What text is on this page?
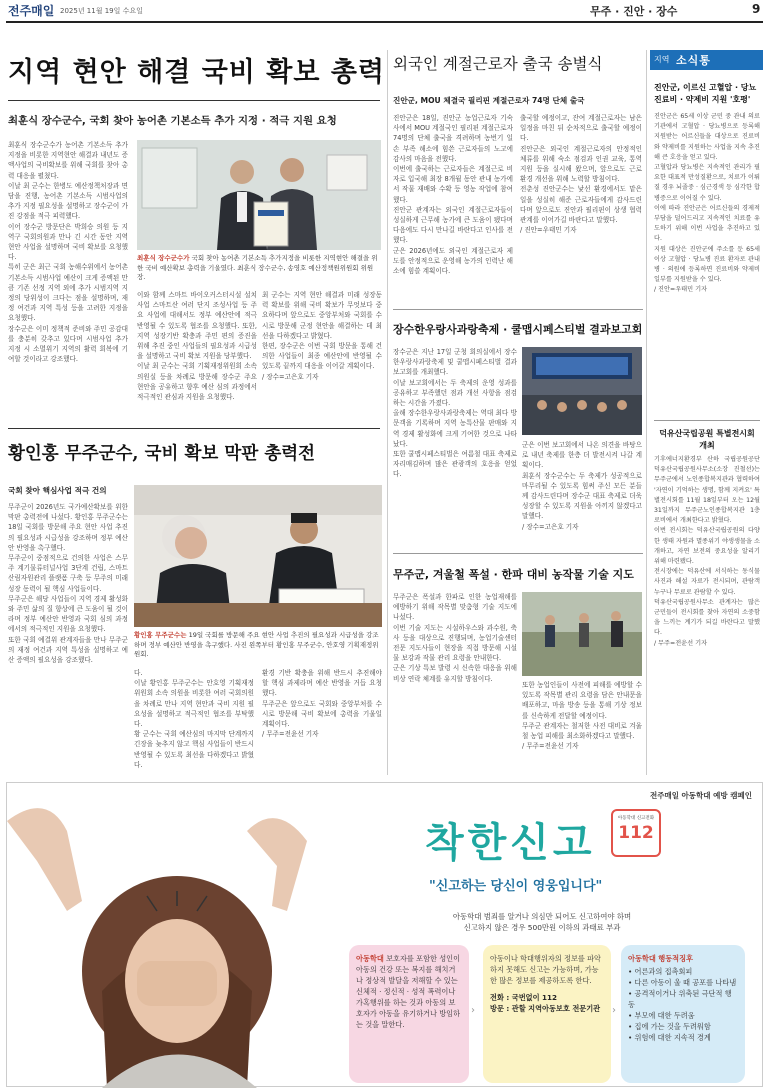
전주매일 2025년 11월 19일 수요일	무주 · 진안 · 장수	9
지역 현안 해결 국비 확보 총력
최훈식 장수군수, 국회 찾아 농어촌 기본소득 추가 지정 · 적극 지원 요청
최훈식 장수군수가 농어촌 기본소득 추가지정을 비롯한 지역현안 해결과 내년도 증액사업의 국비확보를 위해 국회를 찾아 총력 대응을 펼쳤다.
이날 최 군수는 한병도 예산정책처장과 면담을 진행, 농어촌 기본소득 시범사업의 추가 지정 필요성을 설명하고 장수군이 가진 강점을 적극 피력했다.
이어 장수군 방문단은 박희승 의원 등 지역구 국회의원과 만나 긴 시간 동안 지역현안 사업을 설명하며 국비 확보를 요청했다.
특히 군은 최근 국회 농해수위에서 농어촌 기본소득 시범사업 예산이 크게 증액된 만큼 기존 선정 지역 외에 추가 시범지역 지정의 당위성이 크다는 점을 설명하며, 재정 여건과 지역 특성 등을 고려한 지정을 요청했다.
장수군은 이미 정책적 준비와 주민 공감대를 충분히 갖추고 있다며 시범사업 추가 지정 시 소멸위기 지역의 활력 회복에 기여할 것이라고 강조했다.
최훈식 장수군수가 국회 찾아 농어촌 기본소득 추가지정을 비롯한 지역현안 해결을 위한 국비 예산확보 총력을 기울였다. 최훈식 장수군수, 송영호 예산정책원위원회 위원장.
이와 함께 스마트 바이오커스터시설 설치사업 스마트산 여러 단지 조성사업 등 주요 사업에 대해서도 정부 예산안에 적극 반영될 수 있도록 협조를 요청했다. 또한, 지역 성장기반 확충과 주민 편의 증진을 위해 추진 중인 사업들의 필요성과 시급성을 설명하고 국비 확보 지원을 당부했다.
이날 최 군수는 국회 기획재정위원회 소속 의원실 등을 차례로 방문해 장수군 주요 현안을 공유하고 향후 예산 심의 과정에서 적극적인 관심과 지원을 요청했다.
최 군수는 지역 현안 해결과 미래 성장동력 확보를 위해 국비 확보가 무엇보다 중요하다며 앞으로도 중앙부처와 국회를 수시로 방문해 군정 현안을 해결하는 데 최선을 다하겠다고 밝혔다.
한편, 장수군은 이번 국회 방문을 통해 건의한 사업들이 최종 예산안에 반영될 수 있도록 끝까지 대응을 이어갈 계획이다.
/ 장수=고은호 기자
황인홍 무주군수, 국비 확보 막판 총력전
국회 찾아 핵심사업 적극 건의
무주군이 2026년도 국가예산확보를 위한 막판 총력전에 나섰다. 황인홍 무주군수는 18일 국회를 방문해 주요 현안 사업 추진의 필요성과 시급성을 강조하며 정부 예산안 반영을 촉구했다.
무주군이 중점적으로 건의한 사업은 스무주 계기물류터널사업 3단계 건립, 스마트산림자원관리 플랫폼 구축 등 무주의 미래 성장 동력이 될 핵심 사업들이다.
무주군은 해당 사업들이 지역 경제 활성화와 주민 삶의 질 향상에 큰 도움이 될 것이라며 정부 예산안 반영과 국회 심의 과정에서의 적극적인 지원을 요청했다.
또한 국회 예결위 관계자들을 만나 무주군의 재정 여건과 지역 특성을 설명하고 예산 증액의 필요성을 강조했다.
황인홍 무주군수는 19일 국회를 방문해 주요 현안 사업 추진의 필요성과 시급성을 강조하며 정부 예산안 반영을 촉구했다. 사진 왼쪽부터 황인홍 무주군수, 안호영 기획재정위원회.
다.
이날 황인홍 무주군수는 안호영 기획재정위원회 소속 의원을 비롯한 여러 국회의원을 차례로 만나 지역 현안과 국비 지원 필요성을 설명하고 적극적인 협조를 부탁했다.
황 군수는 국회 예산심의 마지막 단계까지 긴장을 늦추지 않고 핵심 사업들이 반드시 반영될 수 있도록 최선을 다하겠다고 밝혔다.
환경 기반 확충을 위해 반드시 추진해야 할 핵심 과제라며 예산 반영을 거듭 요청했다.
무주군은 앞으로도 국회와 중앙부처를 수시로 방문해 국비 확보에 총력을 기울일 계획이다.
/ 무주=전윤선 기자
외국인 계절근로자 출국 송별식
진안군, MOU 체결국 필리핀 계절근로자 74명 단체 출국
진안군은 18일, 진안군 농업근로자 기숙사에서 MOU 계절국인 필리핀 계절근로자 74명의 단체 출국을 격려하며 농번기 일손 부족 해소에 힘쓴 근로자들의 노고에 감사의 마음을 전했다.
이번에 출국하는 근로자들은 계절근로 비자로 입국해 최장 8개월 동안 관내 농가에서 작물 재배와 수확 등 영농 작업에 참여했다.
진안군 관계자는 외국인 계절근로자들이 성실하게 근무해 농가에 큰 도움이 됐다며 다음에도 다시 만나길 바란다고 인사를 전했다.
군은 2026년에도 외국인 계절근로자 제도를 안정적으로 운영해 농가의 인력난 해소에 힘쓸 계획이다.
출국할 예정이고, 잔여 계절근로자는 남은 일정을 마친 뒤 순차적으로 출국할 예정이다.
진안군은 외국인 계절근로자의 안정적인 체류를 위해 숙소 점검과 인권 교육, 통역 지원 등을 실시해 왔으며, 앞으로도 근로 환경 개선을 위해 노력할 방침이다.
전춘성 진안군수는 낯선 환경에서도 맡은 일을 성실히 해준 근로자들에게 감사드린다며 앞으로도 진안과 필리핀이 상생 협력 관계를 이어가길 바란다고 말했다.
/ 진안=우태민 기자
장수한우랑사과랑축제 · 쿨맵시페스티벌 결과보고회
장수군은 지난 17일 군청 회의실에서 장수한우랑사과랑축제 및 쿨맵시페스티벌 결과보고회를 개최했다.
이날 보고회에서는 두 축제의 운영 성과를 공유하고 부족했던 점과 개선 사항을 점검하는 시간을 가졌다.
올해 장수한우랑사과랑축제는 역대 최다 방문객을 기록하며 지역 농특산물 판매와 지역 경제 활성화에 크게 기여한 것으로 나타났다.
또한 쿨맵시페스티벌은 여름철 대표 축제로 자리매김하며 많은 관광객의 호응을 얻었다.
군은 이번 보고회에서 나온 의견을 바탕으로 내년 축제를 한층 더 발전시켜 나갈 계획이다.
최훈식 장수군수는 두 축제가 성공적으로 마무리될 수 있도록 힘써 주신 모든 분들께 감사드린다며 장수군 대표 축제로 더욱 성장할 수 있도록 지원을 아끼지 않겠다고 말했다.
/ 장수=고은호 기자
무주군, 겨울철 폭설 · 한파 대비 농작물 기술 지도
무주군은 폭설과 한파로 인한 농업재해를 예방하기 위해 작목별 맞춤형 기술 지도에 나섰다.
이번 기술 지도는 시설하우스와 과수원, 축사 등을 대상으로 진행되며, 농업기술센터 전문 지도사들이 현장을 직접 방문해 시설물 보강과 작물 관리 요령을 안내한다.
군은 기상 특보 발령 시 신속한 대응을 위해 비상 연락 체계를 유지할 방침이다.
또한 농업인들이 사전에 피해를 예방할 수 있도록 작목별 관리 요령을 담은 안내문을 배포하고, 마을 방송 등을 통해 기상 정보를 신속하게 전달할 예정이다.
무주군 관계자는 철저한 사전 대비로 겨울철 농업 피해를 최소화하겠다고 말했다.
/ 무주=전윤선 기자
지역 소식통
진안군, 이르신 고혈압 · 당뇨 진료비 · 약제비 지원 '호평'
진안군은 65세 이상 군민 중 관내 의료기관에서 고혈압 · 당뇨병으로 등록해 지원받는 어르신들을 대상으로 진료비와 약제비를 지원하는 사업을 지속 추진해 큰 호응을 얻고 있다.
고혈압과 당뇨병은 지속적인 관리가 필요한 대표적 만성질환으로, 치료가 이뤄질 경우 뇌졸중 · 심근경색 등 심각한 합병증으로 이어질 수 있다.
이에 따라 진안군은 어르신들의 경제적 부담을 덜어드리고 지속적인 치료를 유도하기 위해 이번 사업을 추진하고 있다.
지원 대상은 진안군에 주소를 둔 65세 이상 고혈압 · 당뇨병 진료 환자로 관내 병 · 의원에 등록하면 진료비와 약제비 일부를 지원받을 수 있다.
/ 진안=우태민 기자
덕유산국립공원 특별전시회 개최
기후에너지환경부 산하 국립공원공단 덕유산국립공원사무소(소장 진철선)는 무주군에서 노인종합복지관과 협력하여 '자연이 기억하는 생명, 함께 지켜요' 특별전시회를 11월 18일부터 오는 12월 31일까지 무주군노인종합복지관 1층 로비에서 개최한다고 밝혔다.
이번 전시회는 덕유산국립공원의 다양한 생태 자원과 멸종위기 야생생물을 소개하고, 자연 보전의 중요성을 알리기 위해 마련됐다.
전시장에는 덕유산에 서식하는 동식물 사진과 해설 자료가 전시되며, 관람객 누구나 무료로 관람할 수 있다.
덕유산국립공원사무소 관계자는 많은 군민들이 전시회를 찾아 자연의 소중함을 느끼는 계기가 되길 바란다고 말했다.
/ 무주=전윤선 기자
전주매일 아동학대 예방 캠페인
착한신고
아동학대 신고전화
112
"신고하는 당신이 영웅입니다"
아동학대 범죄를 알거나 의심만 되어도 신고하여야 하며
신고하지 않은 경우 500만원 이하의 과태료 부과
아동학대 보호자를 포함한 성인이 아동의 건강 또는 복지를 해치거나 정상적 발달을 저해할 수 있는 신체적 · 정신적 · 성적 폭력이나 가혹행위를 하는 것과 아동의 보호자가 아동을 유기하거나 방임하는 것을 말한다.
아동이나 학대행위자의 정보를 파악하지 못해도 신고는 가능하며, 가능한 많은 정보를 제공하도록 한다.
전화 : 국번없이 112
방문 : 관할 지역아동보호 전문기관
아동학대 행동적징후
• 어른과의 접촉회피
• 다른 아동이 울 때 공포를 나타냄
• 공격적이거나 위축된 극단적 행동
• 부모에 대한 두려움
• 집에 가는 것을 두려워함
• 위험에 대한 지속적 경계
›	›
